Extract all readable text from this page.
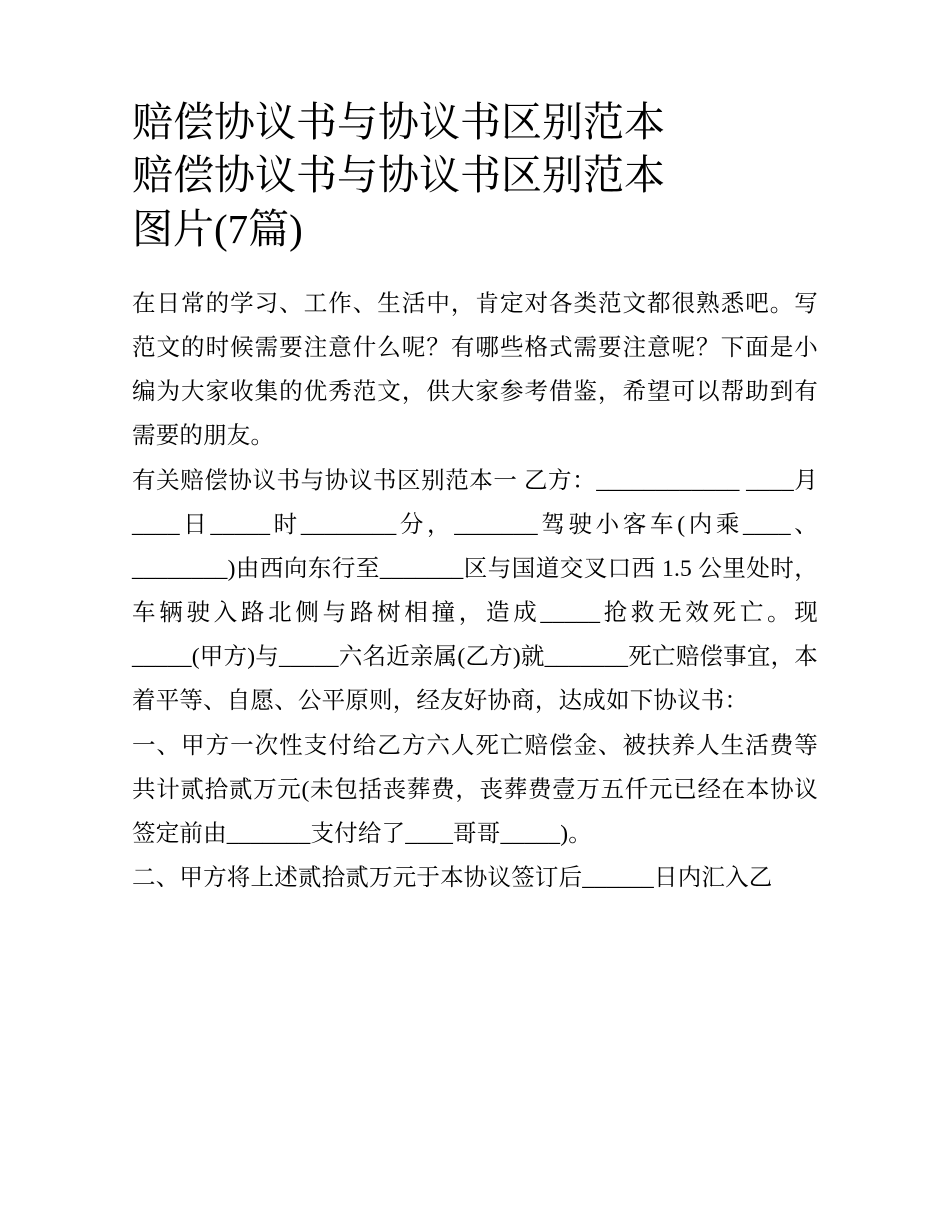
赔偿协议书与协议书区别范本
赔偿协议书与协议书区别范本
图片(7篇)

在日常的学习、工作、生活中，肯定对各类范文都很熟悉吧。写范文的时候需要注意什么呢？有哪些格式需要注意呢？下面是小编为大家收集的优秀范文，供大家参考借鉴，希望可以帮助到有需要的朋友。

有关赔偿协议书与协议书区别范本一 乙方：____________ ____月____日_____时________分，_______驾驶小客车(内乘____、________)由西向东行至_______区与国道交叉口西 1.5 公里处时，车辆驶入路北侧与路树相撞，造成_____抢救无效死亡。现_____(甲方)与_____六名近亲属(乙方)就_______死亡赔偿事宜，本着平等、自愿、公平原则，经友好协商，达成如下协议书：

一、甲方一次性支付给乙方六人死亡赔偿金、被扶养人生活费等共计贰拾贰万元(未包括丧葬费，丧葬费壹万五仟元已经在本协议签定前由_______支付给了____哥哥_____)。

二、甲方将上述贰拾贰万元于本协议签订后______日内汇入乙
